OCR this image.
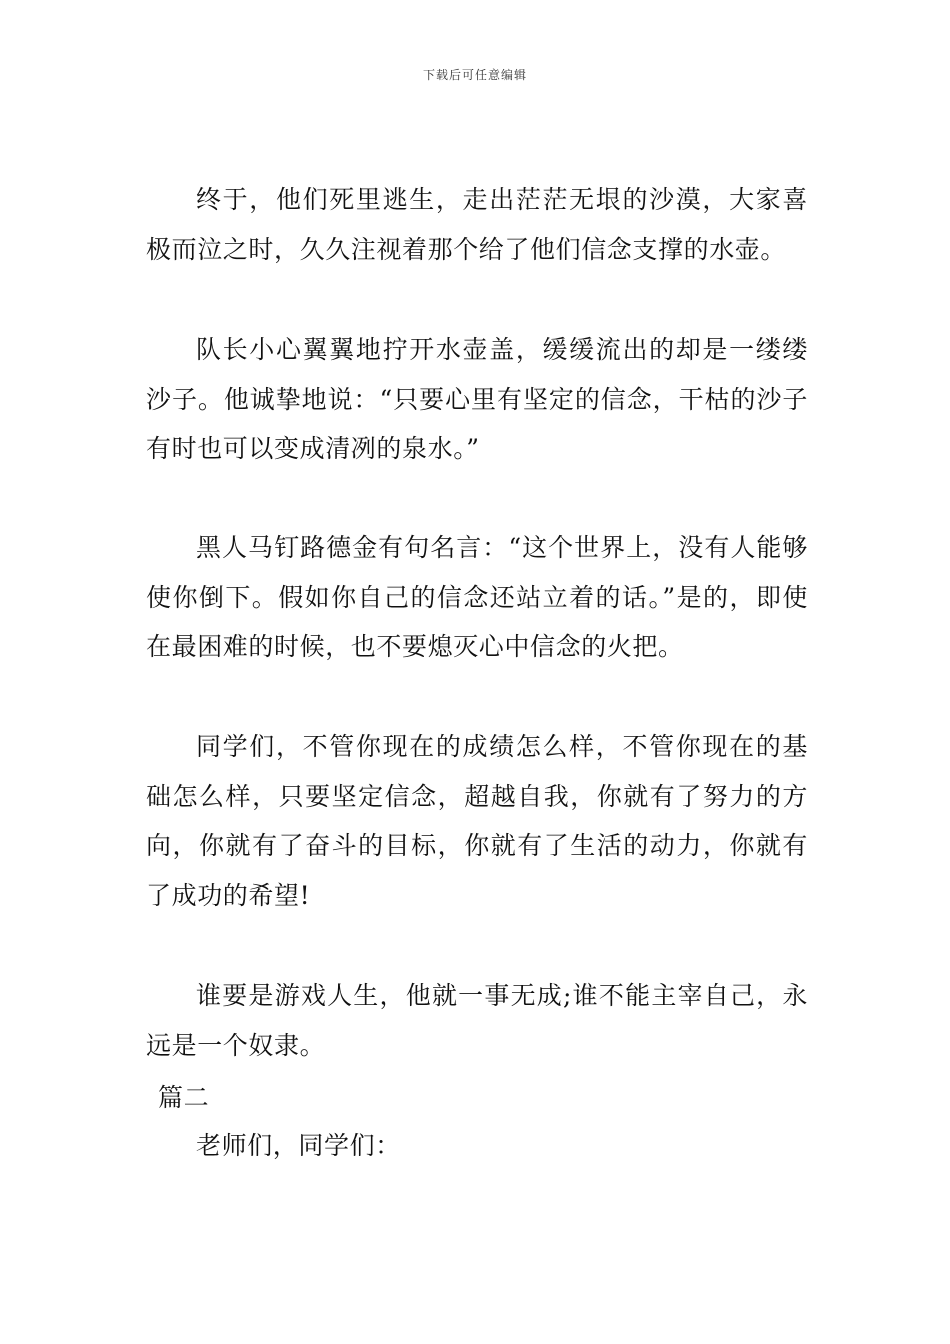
下载后可任意编辑

终于，他们死里逃生，走出茫茫无垠的沙漠，大家喜极而泣之时，久久注视着那个给了他们信念支撑的水壶。

队长小心翼翼地拧开水壶盖，缓缓流出的却是一缕缕沙子。他诚挚地说：“只要心里有坚定的信念，干枯的沙子有时也可以变成清冽的泉水。”

黑人马钉路德金有句名言：“这个世界上，没有人能够使你倒下。假如你自己的信念还站立着的话。”是的，即使在最困难的时候，也不要熄灭心中信念的火把。

同学们，不管你现在的成绩怎么样，不管你现在的基础怎么样，只要坚定信念，超越自我，你就有了努力的方向，你就有了奋斗的目标，你就有了生活的动力，你就有了成功的希望!

谁要是游戏人生，他就一事无成;谁不能主宰自己，永远是一个奴隶。

篇二

老师们，同学们：
